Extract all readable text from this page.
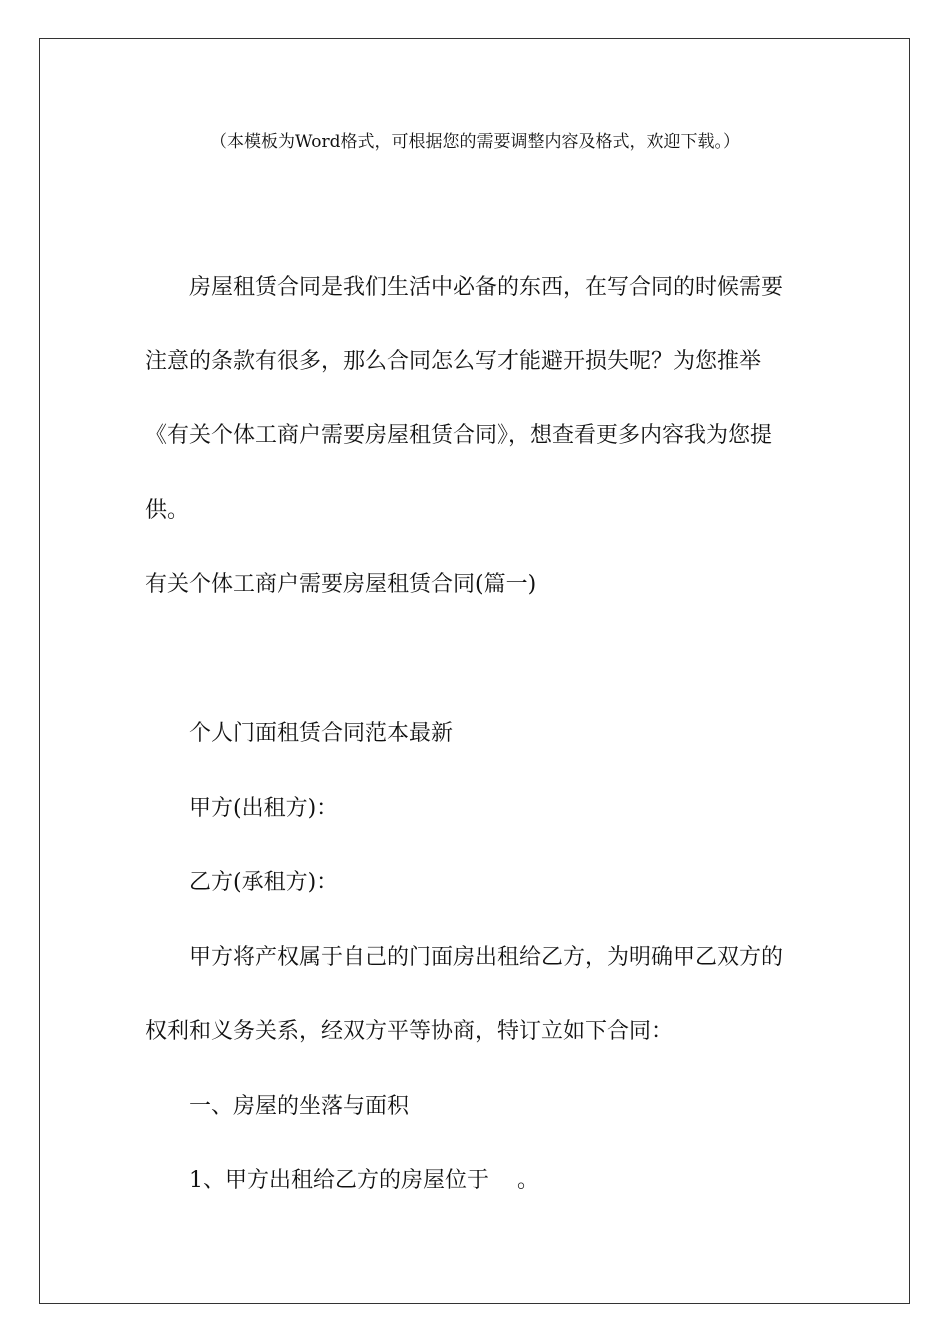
（本模板为Word格式，可根据您的需要调整内容及格式，欢迎下载。）
房屋租赁合同是我们生活中必备的东西，在写合同的时候需要
注意的条款有很多，那么合同怎么写才能避开损失呢？为您推举
《有关个体工商户需要房屋租赁合同》，想查看更多内容我为您提
供。
有关个体工商户需要房屋租赁合同(篇一)
个人门面租赁合同范本最新
甲方(出租方)：
乙方(承租方)：
甲方将产权属于自己的门面房出租给乙方，为明确甲乙双方的
权利和义务关系，经双方平等协商，特订立如下合同：
一、房屋的坐落与面积
1、甲方出租给乙方的房屋位于    。
